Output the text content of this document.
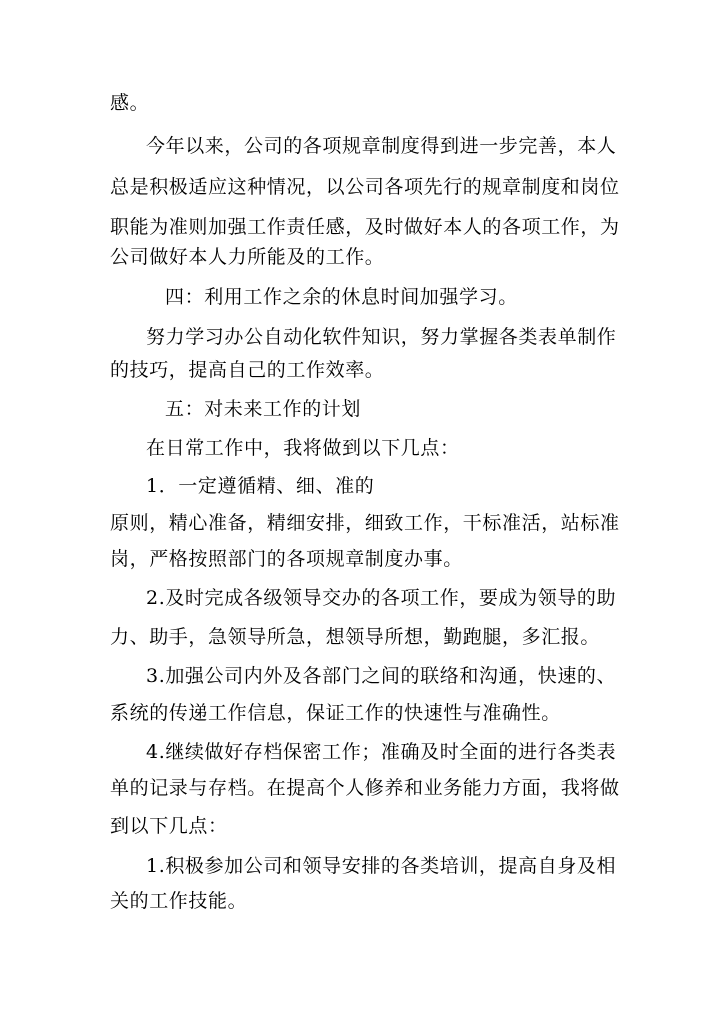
感。
今年以来，公司的各项规章制度得到进一步完善，本人
总是积极适应这种情况，以公司各项先行的规章制度和岗位
职能为准则加强工作责任感，及时做好本人的各项工作，为
公司做好本人力所能及的工作。
四：利用工作之余的休息时间加强学习。
努力学习办公自动化软件知识，努力掌握各类表单制作
的技巧，提高自己的工作效率。
五：对未来工作的计划
在日常工作中，我将做到以下几点：
1．一定遵循精、细、准的
原则，精心准备，精细安排，细致工作，干标准活，站标准
岗，严格按照部门的各项规章制度办事。
2.及时完成各级领导交办的各项工作，要成为领导的助
力、助手，急领导所急，想领导所想，勤跑腿，多汇报。
3.加强公司内外及各部门之间的联络和沟通，快速的、
系统的传递工作信息，保证工作的快速性与准确性。
4.继续做好存档保密工作；准确及时全面的进行各类表
单的记录与存档。在提高个人修养和业务能力方面，我将做
到以下几点：
1.积极参加公司和领导安排的各类培训，提高自身及相
关的工作技能。
